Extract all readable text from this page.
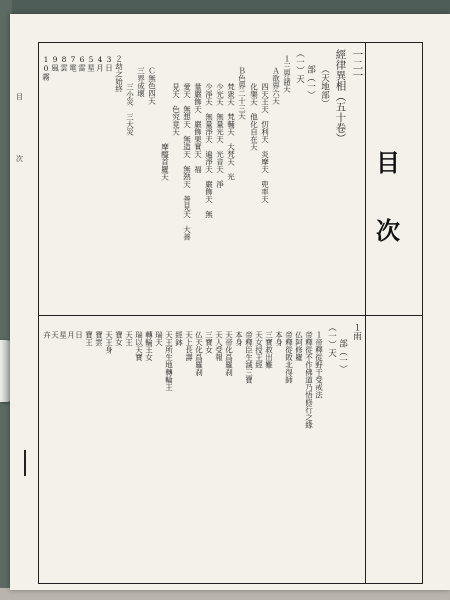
目
次	目
次
一二一
經律異相（五十卷）
（天地部）
部（一）
（一）天
１三界諸天
Ａ欲界六天
四天王天　忉利天　炎摩天　兜率天
化樂天　他化自在天
Ｂ色界二十三天
梵衆天　梵輔天　大梵天　光
少光天　無量光天　光音天　淨
少淨天　無量淨天　遍淨天　嚴飾天　無
量嚴飾天　嚴飾果實天　福
愛天　無想天　無造天　無熱天　善見天　大善
見天　色究竟天
摩醯首羅天
Ｃ無色四天
三界成壞
三小災　三大災
２劫之始終
3日
4月
5星
6雷
7電
8雲
9風
10霧
１雨
部（一）
（一）天
１帝釋從野干受戒法
帝釋從不作佛道乃悟修行之緣
仏阿修羅
帝釋從敗北得師
本身
三寶救出難
天女授王經
帝釋臣生滅三寶
本身
天帝化爲羅刹
天人受報
三寶女
仏天化爲羅刹
天上長壽
經鉢
天王所生地轉輪王
瑞天
轉輪王女
瑞以天寶
天王
寶女
天王身
寶雲
寶王
日
月
星
天
卉
